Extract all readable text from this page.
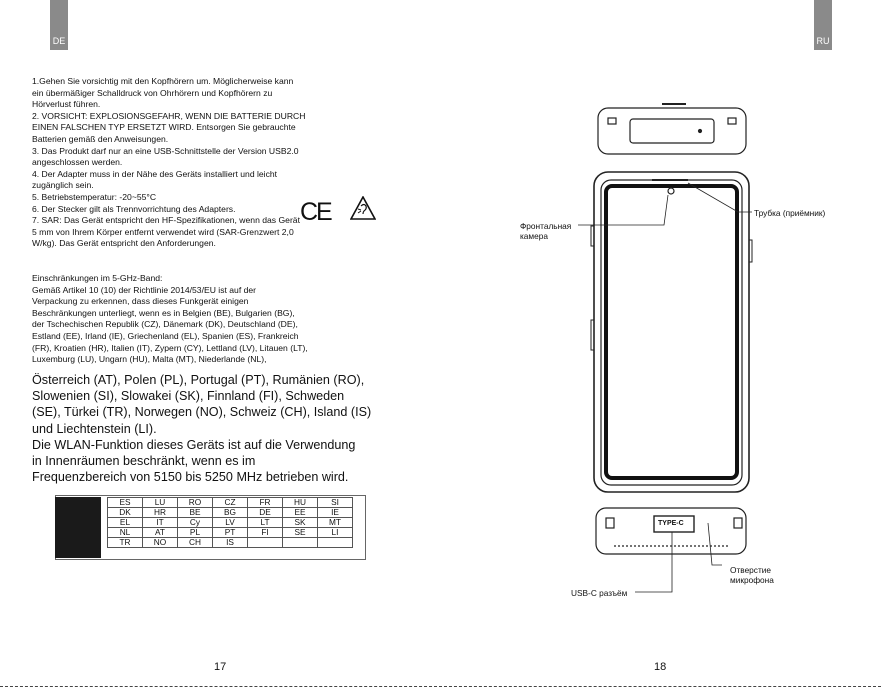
DE	RU
1.Gehen Sie vorsichtig mit den Kopfhörern um. Möglicherweise kann
ein übermäßiger Schalldruck von Ohrhörern und Kopfhörern zu
Hörverlust führen.
2. VORSICHT: EXPLOSIONSGEFAHR, WENN DIE BATTERIE DURCH
EINEN FALSCHEN TYP ERSETZT WIRD. Entsorgen Sie gebrauchte
Batterien gemäß den Anweisungen.
3. Das Produkt darf nur an eine USB-Schnittstelle der Version USB2.0
angeschlossen werden.
4. Der Adapter muss in der Nähe des Geräts installiert und leicht
zugänglich sein.
5. Betriebstemperatur: -20~55°C
6. Der Stecker gilt als Trennvorrichtung des Adapters.
7. SAR: Das Gerät entspricht den HF-Spezifikationen, wenn das Gerät
5 mm von Ihrem Körper entfernt verwendet wird (SAR-Grenzwert 2,0
W/kg). Das Gerät entspricht den Anforderungen.
Einschränkungen im 5-GHz-Band:
Gemäß Artikel 10 (10) der Richtlinie 2014/53/EU ist auf der
Verpackung zu erkennen, dass dieses Funkgerät einigen
Beschränkungen unterliegt, wenn es in Belgien (BE), Bulgarien (BG),
der Tschechischen Republik (CZ), Dänemark (DK), Deutschland (DE),
Estland (EE), Irland (IE), Griechenland (EL), Spanien (ES), Frankreich
(FR), Kroatien (HR), Italien (IT), Zypern (CY), Lettland (LV), Litauen (LT),
Luxemburg (LU), Ungarn (HU), Malta (MT), Niederlande (NL),
Österreich (AT), Polen (PL), Portugal (PT), Rumänien (RO),
Slowenien (SI), Slowakei (SK), Finnland (FI), Schweden
(SE), Türkei (TR), Norwegen (NO), Schweiz (CH), Island (IS)
und Liechtenstein (LI).
Die WLAN-Funktion dieses Geräts ist auf die Verwendung
in Innenräumen beschränkt, wenn es im
Frequenzbereich von 5150 bis 5250 MHz betrieben wird.
CE
ES	LU	RO	CZ	FR	HU	SI
DK	HR	BE	BG	DE	EE	IE
EL	IT	Cy	LV	LT	SK	MT
NL	AT	PL	PT	FI	SE	LI
TR	NO	CH	IS			
Фронтальная
камера
Трубка (приёмник)
Отверстие
микрофона
USB-C разъём
TYPE-C
17	18
